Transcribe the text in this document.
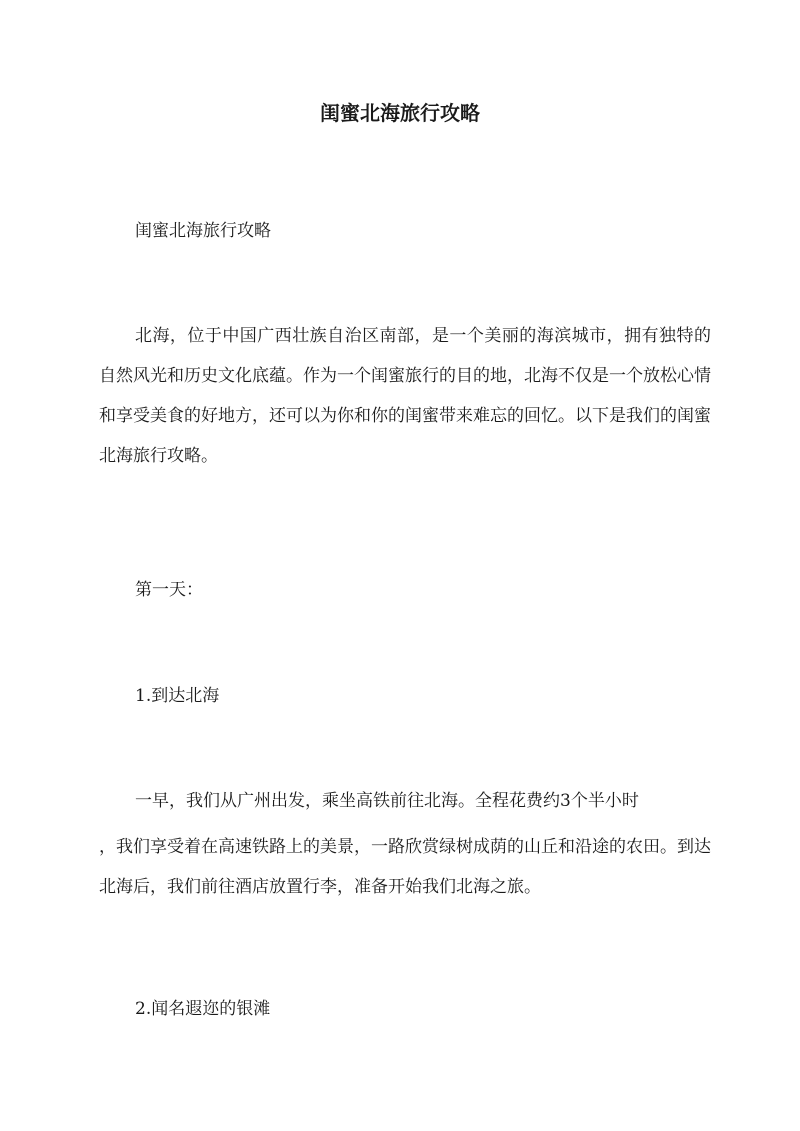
闺蜜北海旅行攻略
闺蜜北海旅行攻略
北海，位于中国广西壮族自治区南部，是一个美丽的海滨城市，拥有独特的自然风光和历史文化底蕴。作为一个闺蜜旅行的目的地，北海不仅是一个放松心情和享受美食的好地方，还可以为你和你的闺蜜带来难忘的回忆。以下是我们的闺蜜北海旅行攻略。
第一天：
1.到达北海
一早，我们从广州出发，乘坐高铁前往北海。全程花费约3个半小时
，我们享受着在高速铁路上的美景，一路欣赏绿树成荫的山丘和沿途的农田。到达北海后，我们前往酒店放置行李，准备开始我们北海之旅。
2.闻名遐迩的银滩
